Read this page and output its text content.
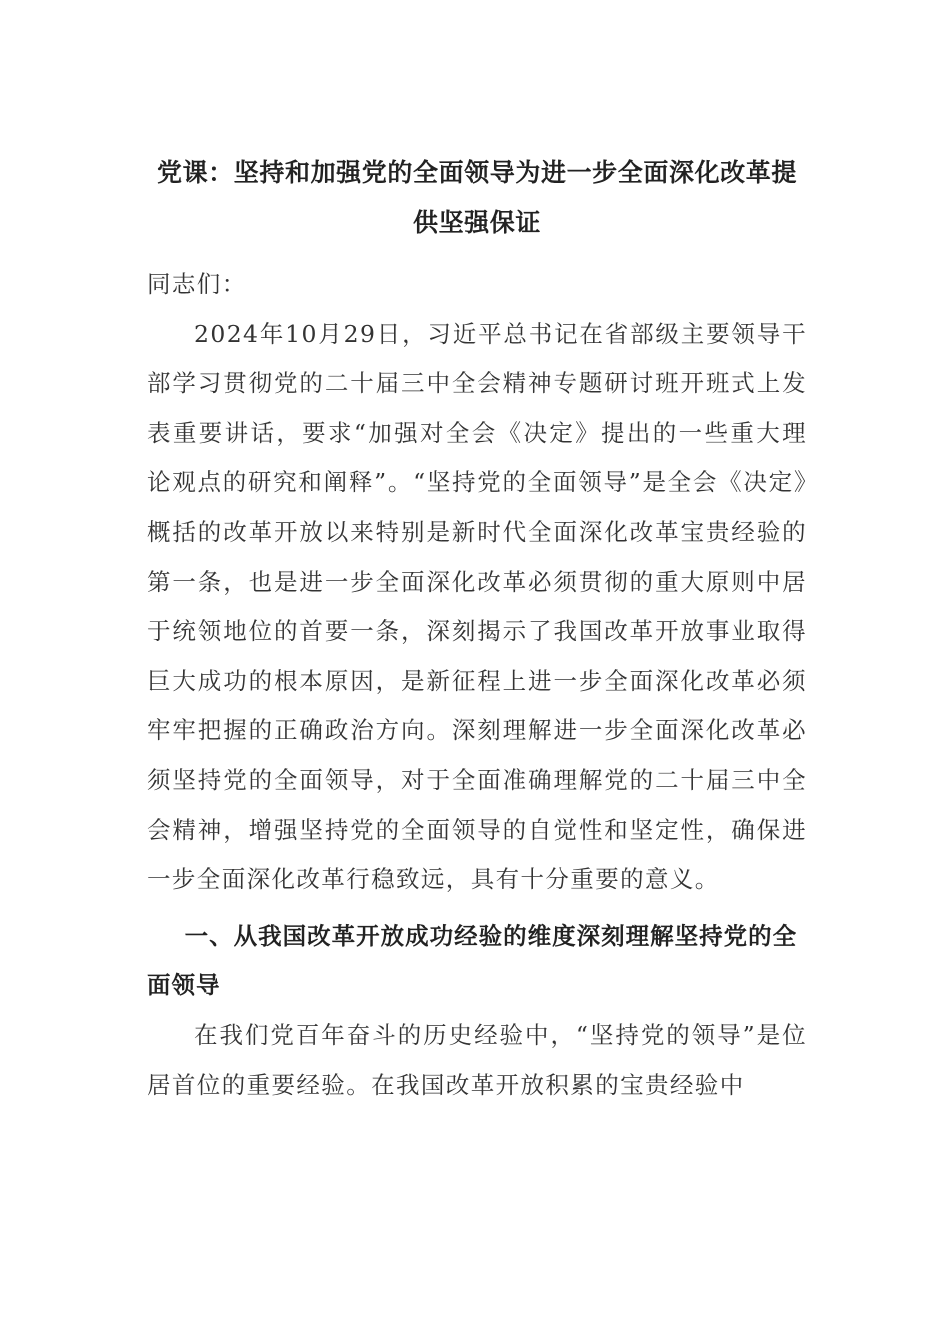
党课：坚持和加强党的全面领导为进一步全面深化改革提供坚强保证
同志们：

2024年10月29日，习近平总书记在省部级主要领导干部学习贯彻党的二十届三中全会精神专题研讨班开班式上发表重要讲话，要求“加强对全会《决定》提出的一些重大理论观点的研究和阐释”。“坚持党的全面领导”是全会《决定》概括的改革开放以来特别是新时代全面深化改革宝贵经验的第一条，也是进一步全面深化改革必须贯彻的重大原则中居于统领地位的首要一条，深刻揭示了我国改革开放事业取得巨大成功的根本原因，是新征程上进一步全面深化改革必须牢牢把握的正确政治方向。深刻理解进一步全面深化改革必须坚持党的全面领导，对于全面准确理解党的二十届三中全会精神，增强坚持党的全面领导的自觉性和坚定性，确保进一步全面深化改革行稳致远，具有十分重要的意义。

一、从我国改革开放成功经验的维度深刻理解坚持党的全面领导

在我们党百年奋斗的历史经验中，“坚持党的领导”是位居首位的重要经验。在我国改革开放积累的宝贵经验中
